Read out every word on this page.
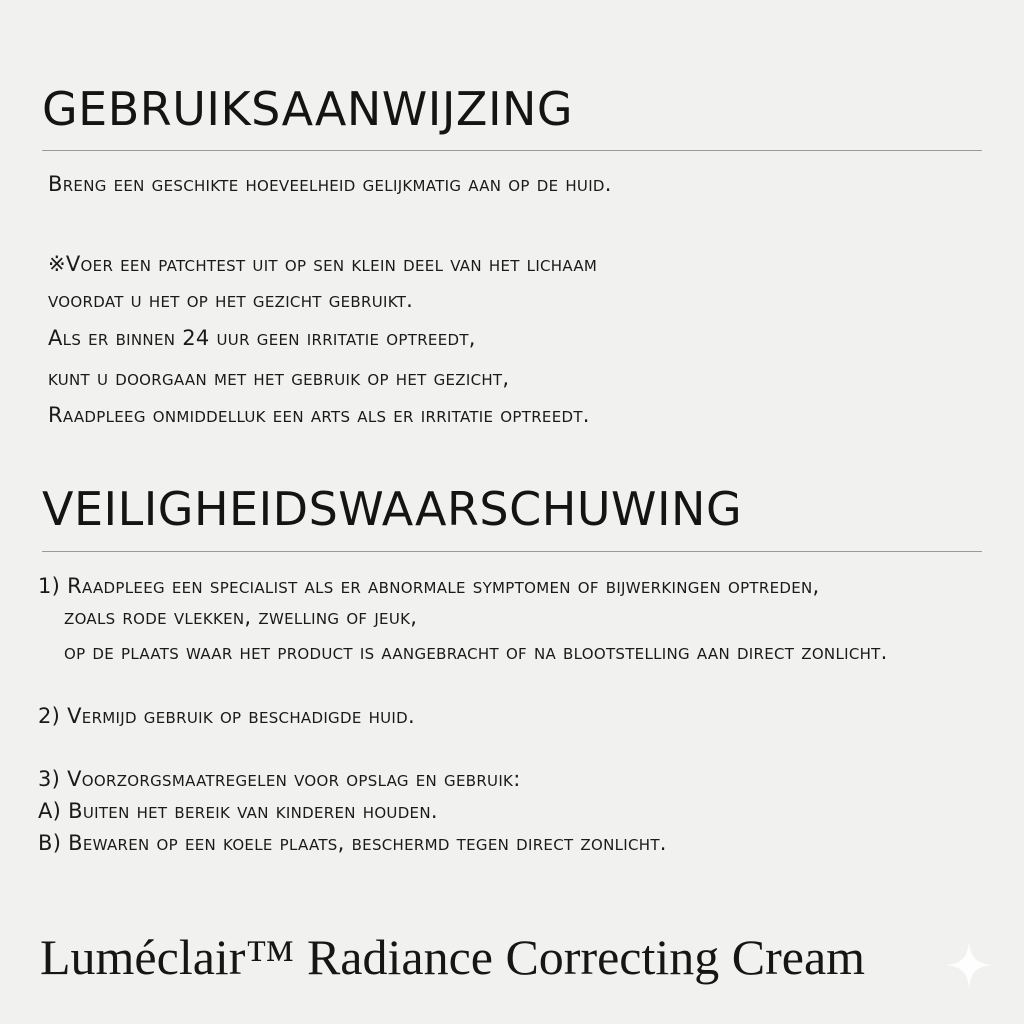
GEBRUIKSAANWIJZING

Breng een geschikte hoeveelheid gelijkmatig aan op de huid.

※Voer een patchtest uit op sen klein deel van het lichaam

voordat u het op het gezicht gebruikt.

Als er binnen 24 uur geen irritatie optreedt,

kunt u doorgaan met het gebruik op het gezicht,

Raadpleeg onmiddelluk een arts als er irritatie optreedt.

VEILIGHEIDSWAARSCHUWING

1) Raadpleeg een specialist als er abnormale symptomen of bijwerkingen optreden,

zoals rode vlekken, zwelling of jeuk,

op de plaats waar het product is aangebracht of na blootstelling aan direct zonlicht.

2) Vermijd gebruik op beschadigde huid.

3) Voorzorgsmaatregelen voor opslag en gebruik:

A) Buiten het bereik van kinderen houden.

B) Bewaren op een koele plaats, beschermd tegen direct zonlicht.

Luméclair™ Radiance Correcting Cream
